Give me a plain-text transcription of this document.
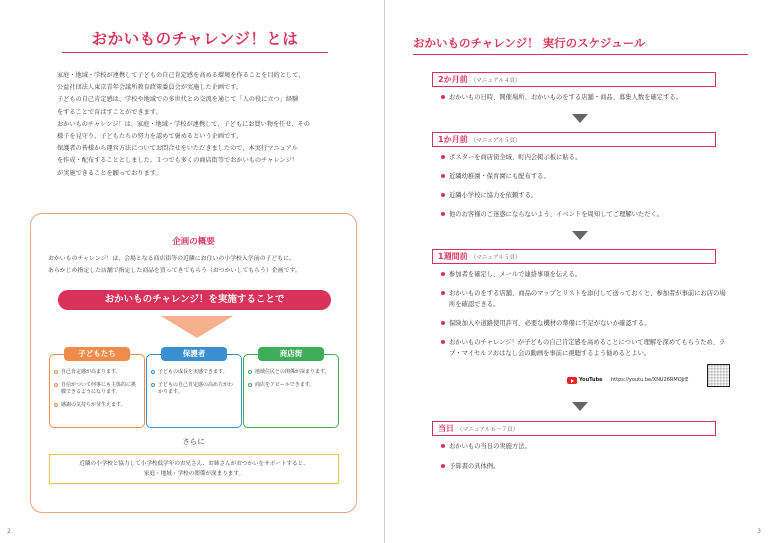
おかいものチャレンジ！とは
家庭・地域・学校が連携して子どもの自己肯定感を高める環境を作ることを目的として、
公益社団法人東京青年会議所教育政策委員会が実施した企画です。
子どもの自己肯定感は、学校や地域での多世代との交流を通じて「人の役に立つ」経験
をすることで育ばすことができます。
おかいものチャレンジ！は、家庭・地域・学校が連携して、子どもにお買い物を任せ、その
様子を見守り、子どもたちの努力を認めて褒めるという企画です。
保護者の皆様から運営方法についてお問合せをいただきましたので、本実行マニュアル
を作成・配布することとしました。１つでも多くの商店街等でおかいものチャレンジ！
が実施できることを願っております。
企画の概要
おかいものチャレンジ！は、会場となる商店街等の近隣にお住いの小学校入学前の子どもに、
あらかじめ指定した店舗で指定した商品を買ってきてもらう（おつかいしてもらう）企画です。
おかいものチャレンジ！を実施することで
子どもたち
自己肯定感が高まります。
自信がついて何事にも主体的に挑戦できるようになります。
感謝の気持ちが芽生えます。
保護者
子どもの成長を実感できます。
子どもの自己肯定感の高め方がわかります。
商店街
地域住民との関係が深まります。
商店をアピールできます。
さらに
近隣の小学校と協力して小学校低学年のお兄さん、お姉さんがおつかいをサポートすると、
家庭・地域・学校の関係が深まります。
2
おかいものチャレンジ！ 実行のスケジュール
2か月前 （マニュアル４頁）
おかいもの日時、開催場所、おかいものをする店舗・商品、募集人数を確定する。
1か月前 （マニュアル５頁）
ポスターを商店街全域、町内会掲示板に貼る。
近隣幼稚園・保育園にも配布する。
近隣小学校に協力を依頼する。
他のお客様のご迷惑にならないよう、イベントを周知してご理解いただく。
1週間前 （マニュアル５頁）
参加者を確定し、メールで連絡事項を伝える。
おかいものをする店舗、商品のマップとリストを添付して送っておくと、参加者が事前にお店の場所を確認できる。
保険加入や道路使用許可、必要な機材の準備に不足がないか確認する。
おかいものチャレンジ！が子どもの自己肯定感を高めることについて理解を深めてもらうため、ラブ・マイセルフおはなし会の動画を事前に視聴するよう勧めるとよい。
YouTube https://youtu.be/XNU26RMOJrE
当日 （マニュアル６〜７頁）
おかいもの当日の実施方法。
予算書の具体例。
3
